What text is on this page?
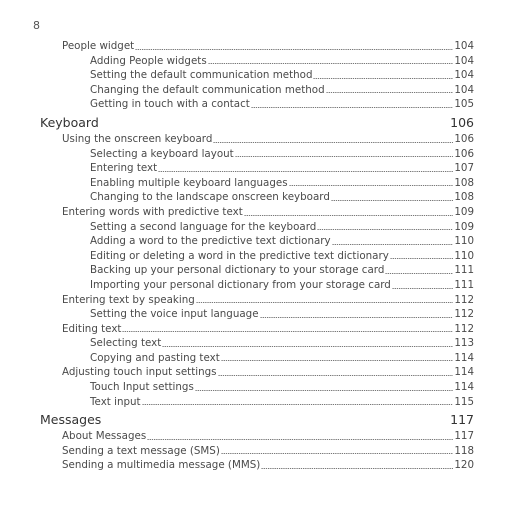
8
People widget	104
Adding People widgets	104
Setting the default communication method	104
Changing the default communication method	104
Getting in touch with a contact	105
Keyboard	106
Using the onscreen keyboard	106
Selecting a keyboard layout	106
Entering text	107
Enabling multiple keyboard languages	108
Changing to the landscape onscreen keyboard	108
Entering words with predictive text	109
Setting a second language for the keyboard	109
Adding a word to the predictive text dictionary	110
Editing or deleting a word in the predictive text dictionary	110
Backing up your personal dictionary to your storage card	111
Importing your personal dictionary from your storage card	111
Entering text by speaking	112
Setting the voice input language	112
Editing text	112
Selecting text	113
Copying and pasting text	114
Adjusting touch input settings	114
Touch Input settings	114
Text input	115
Messages	117
About Messages	117
Sending a text message (SMS)	118
Sending a multimedia message (MMS)	120
